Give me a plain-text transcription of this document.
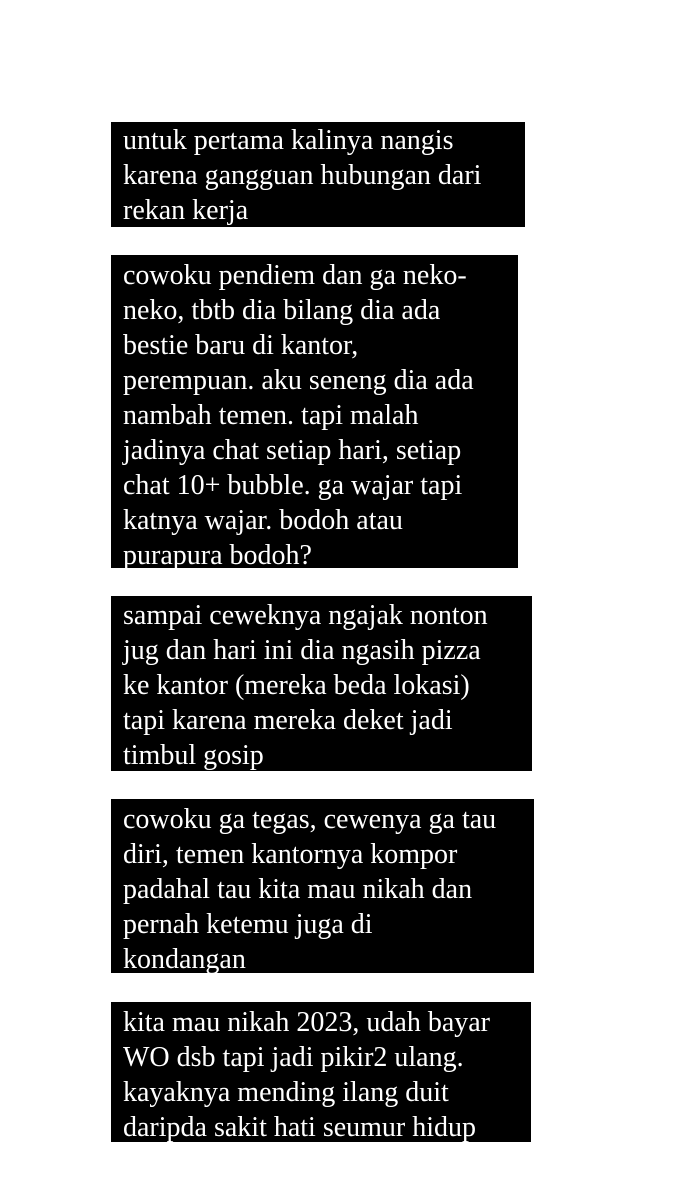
untuk pertama kalinya nangis
karena gangguan hubungan dari
rekan kerja
cowoku pendiem dan ga neko-
neko, tbtb dia bilang dia ada
bestie baru di kantor,
perempuan. aku seneng dia ada
nambah temen. tapi malah
jadinya chat setiap hari, setiap
chat 10+ bubble. ga wajar tapi
katnya wajar. bodoh atau
purapura bodoh?
sampai ceweknya ngajak nonton
jug dan hari ini dia ngasih pizza
ke kantor (mereka beda lokasi)
tapi karena mereka deket jadi
timbul gosip
cowoku ga tegas, cewenya ga tau
diri, temen kantornya kompor
padahal tau kita mau nikah dan
pernah ketemu juga di
kondangan
kita mau nikah 2023, udah bayar
WO dsb tapi jadi pikir2 ulang.
kayaknya mending ilang duit
daripda sakit hati seumur hidup
